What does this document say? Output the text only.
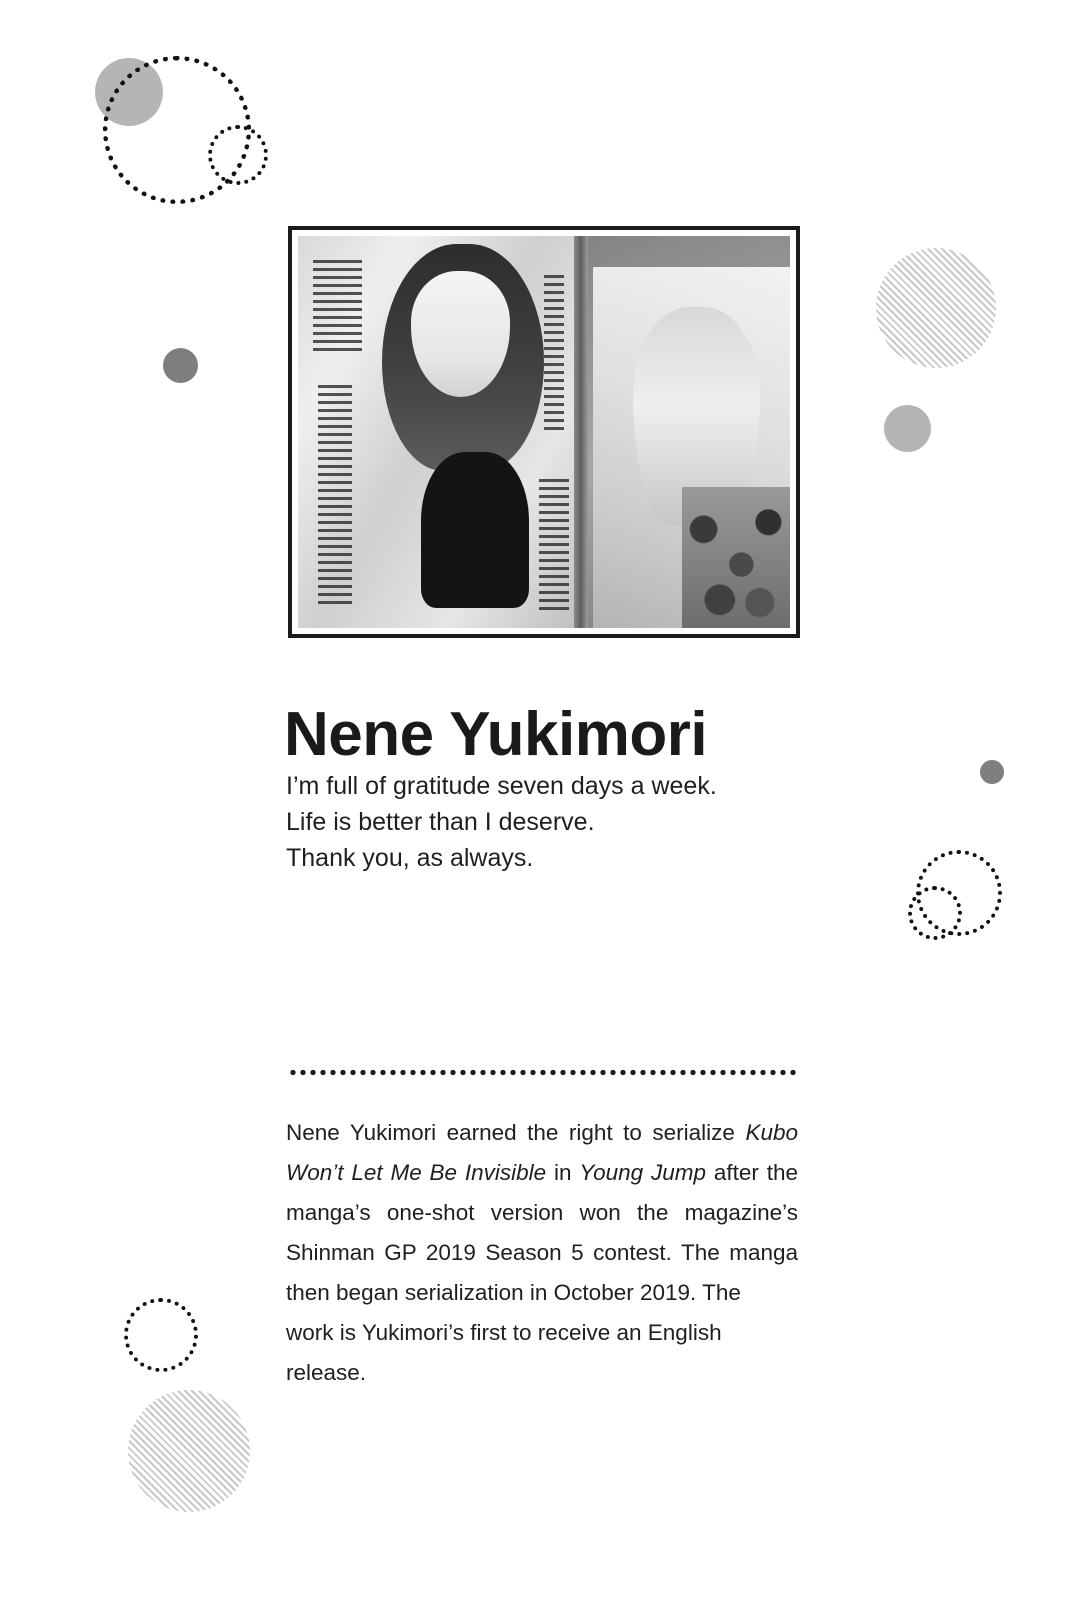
Nene Yukimori
I’m full of gratitude seven days a week.
Life is better than I deserve.
Thank you, as always.

Nene Yukimori earned the right to serialize Kubo Won’t Let Me Be Invisible in Young Jump after the manga’s one-shot version won the magazine’s Shinman GP 2019 Season 5 contest. The manga then began serialization in October 2019. The

work is Yukimori’s first to receive an English release.
